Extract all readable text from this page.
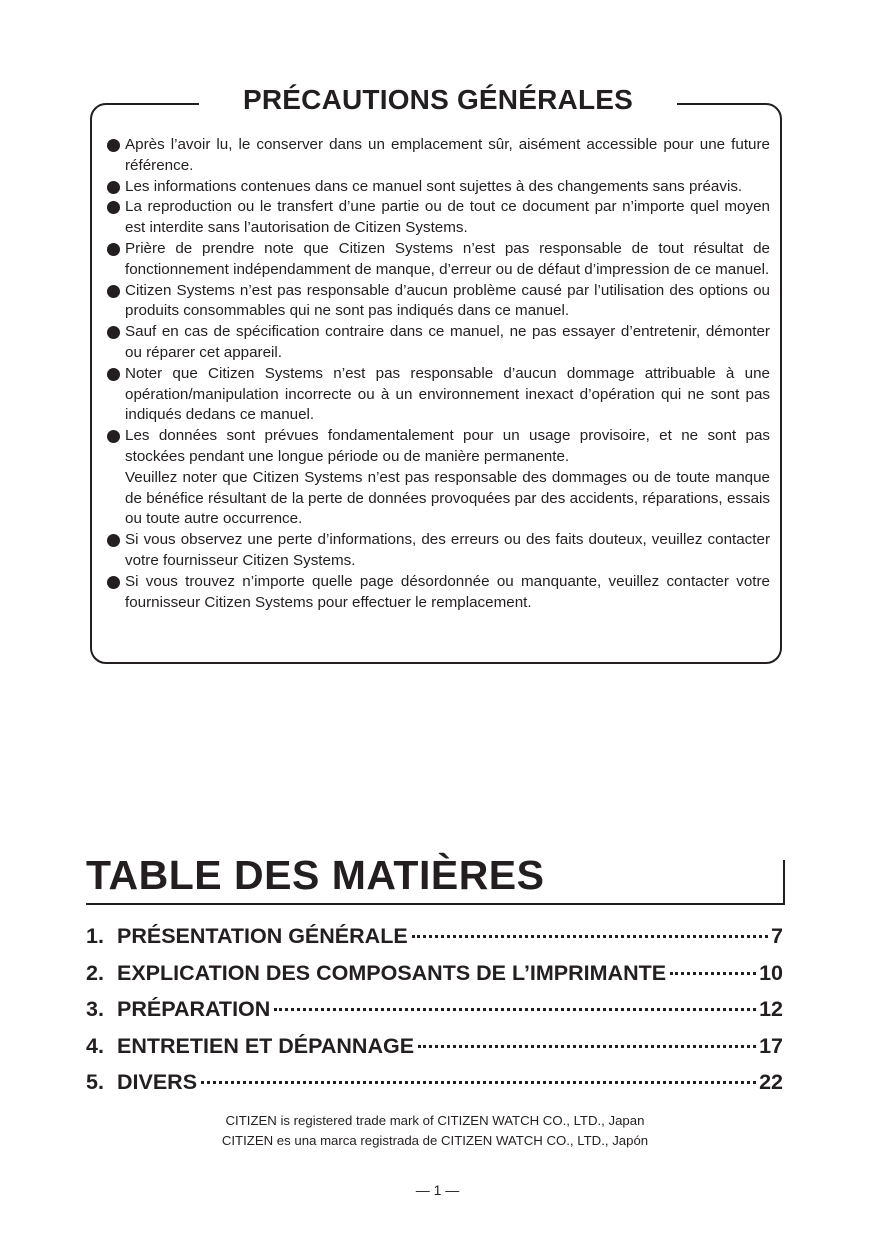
PRÉCAUTIONS GÉNÉRALES
Après l’avoir lu, le conserver dans un emplacement sûr, aisément accessible pour une future référence.
Les informations contenues dans ce manuel sont sujettes à des changements sans préavis.
La reproduction ou le transfert d’une partie ou de tout ce document par n’importe quel moyen est interdite sans l’autorisation de Citizen Systems.
Prière de prendre note que Citizen Systems n’est pas responsable de tout résultat de fonctionnement indépendamment de manque, d’erreur ou de défaut d’impression de ce manuel.
Citizen Systems n’est pas responsable d’aucun problème causé par l’utilisation des options ou produits consommables qui ne sont pas indiqués dans ce manuel.
Sauf en cas de spécification contraire dans ce manuel, ne pas essayer d’entretenir, démonter ou réparer cet appareil.
Noter que Citizen Systems n’est pas responsable d’aucun dommage attribuable à une opération/manipulation incorrecte ou à un environnement inexact d’opération qui ne sont pas indiqués dedans ce manuel.
Les données sont prévues fondamentalement pour un usage provisoire, et ne sont pas stockées pendant une longue période ou de manière permanente.
Veuillez noter que Citizen Systems n’est pas responsable des dommages ou de toute manque de bénéfice résultant de la perte de données provoquées par des accidents, réparations, essais ou toute autre occurrence.
Si vous observez une perte d’informations, des erreurs ou des faits douteux, veuillez contacter votre fournisseur Citizen Systems.
Si vous trouvez n’importe quelle page désordonnée ou manquante, veuillez contacter votre fournisseur Citizen Systems pour effectuer le remplacement.
TABLE DES MATIÈRES
1. PRÉSENTATION GÉNÉRALE	7
2. EXPLICATION DES COMPOSANTS DE L’IMPRIMANTE	10
3. PRÉPARATION	12
4. ENTRETIEN ET DÉPANNAGE	17
5. DIVERS	22
CITIZEN is registered trade mark of CITIZEN WATCH CO., LTD., Japan
CITIZEN es una marca registrada de CITIZEN WATCH CO., LTD., Japón
— 1 —
